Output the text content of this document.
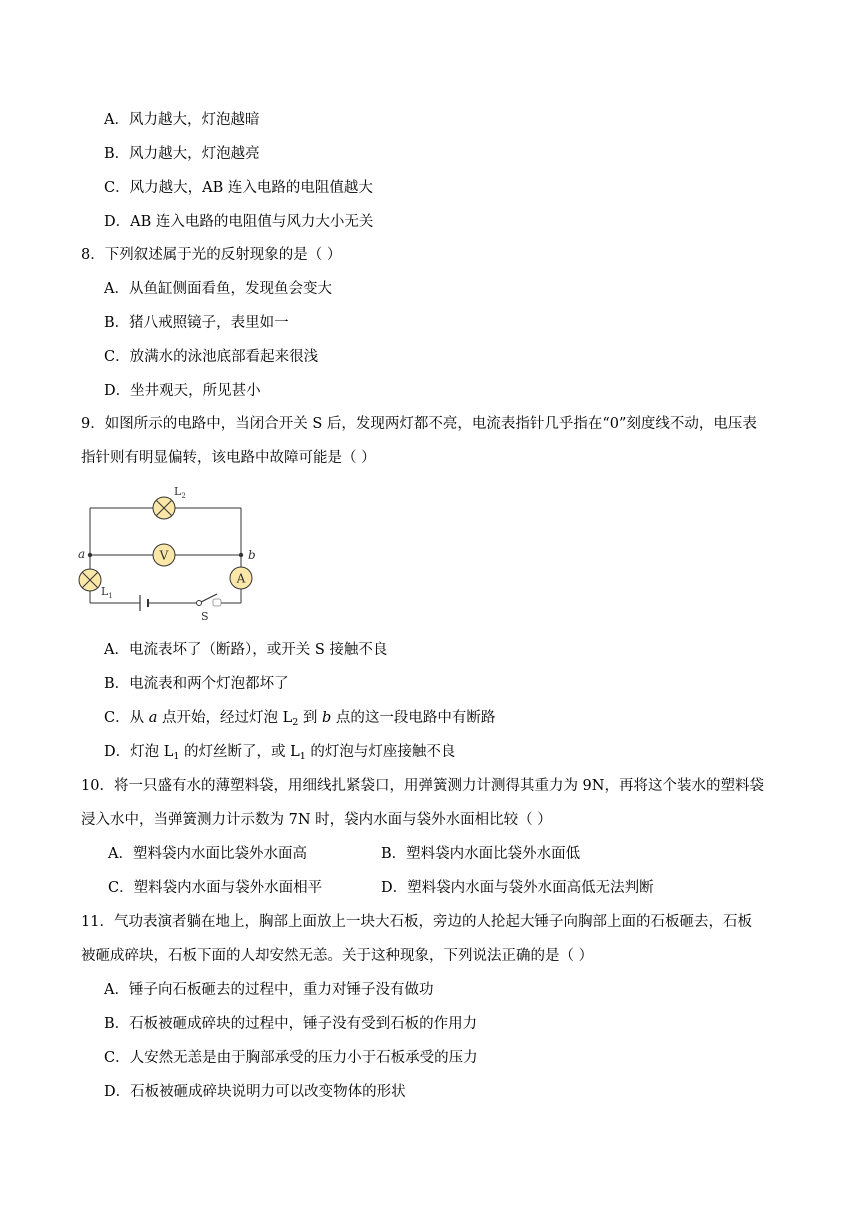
A．风力越大，灯泡越暗
B．风力越大，灯泡越亮
C．风力越大，AB 连入电路的电阻值越大
D．AB 连入电路的电阻值与风力大小无关
8．下列叙述属于光的反射现象的是（ ）
A．从鱼缸侧面看鱼，发现鱼会变大
B．猪八戒照镜子，表里如一
C．放满水的泳池底部看起来很浅
D．坐井观天，所见甚小
9．如图所示的电路中，当闭合开关 S 后，发现两灯都不亮，电流表指针几乎指在“0”刻度线不动，电压表
指针则有明显偏转，该电路中故障可能是（ ）
V
A
$L_2$
$L_1$
a	b
S
A．电流表坏了（断路），或开关 S 接触不良
B．电流表和两个灯泡都坏了
C．从 a 点开始，经过灯泡 $L_2$ 到 b 点的这一段电路中有断路
D．灯泡 $L_1$ 的灯丝断了，或 $L_1$ 的灯泡与灯座接触不良
10．将一只盛有水的薄塑料袋，用细线扎紧袋口，用弹簧测力计测得其重力为 9N，再将这个装水的塑料袋
浸入水中，当弹簧测力计示数为 7N 时，袋内水面与袋外水面相比较（ ）
A．塑料袋内水面比袋外水面高	B．塑料袋内水面比袋外水面低
C．塑料袋内水面与袋外水面相平	D．塑料袋内水面与袋外水面高低无法判断
11．气功表演者躺在地上，胸部上面放上一块大石板，旁边的人抡起大锤子向胸部上面的石板砸去，石板
被砸成碎块，石板下面的人却安然无恙。关于这种现象，下列说法正确的是（ ）
A．锤子向石板砸去的过程中，重力对锤子没有做功
B．石板被砸成碎块的过程中，锤子没有受到石板的作用力
C．人安然无恙是由于胸部承受的压力小于石板承受的压力
D．石板被砸成碎块说明力可以改变物体的形状
